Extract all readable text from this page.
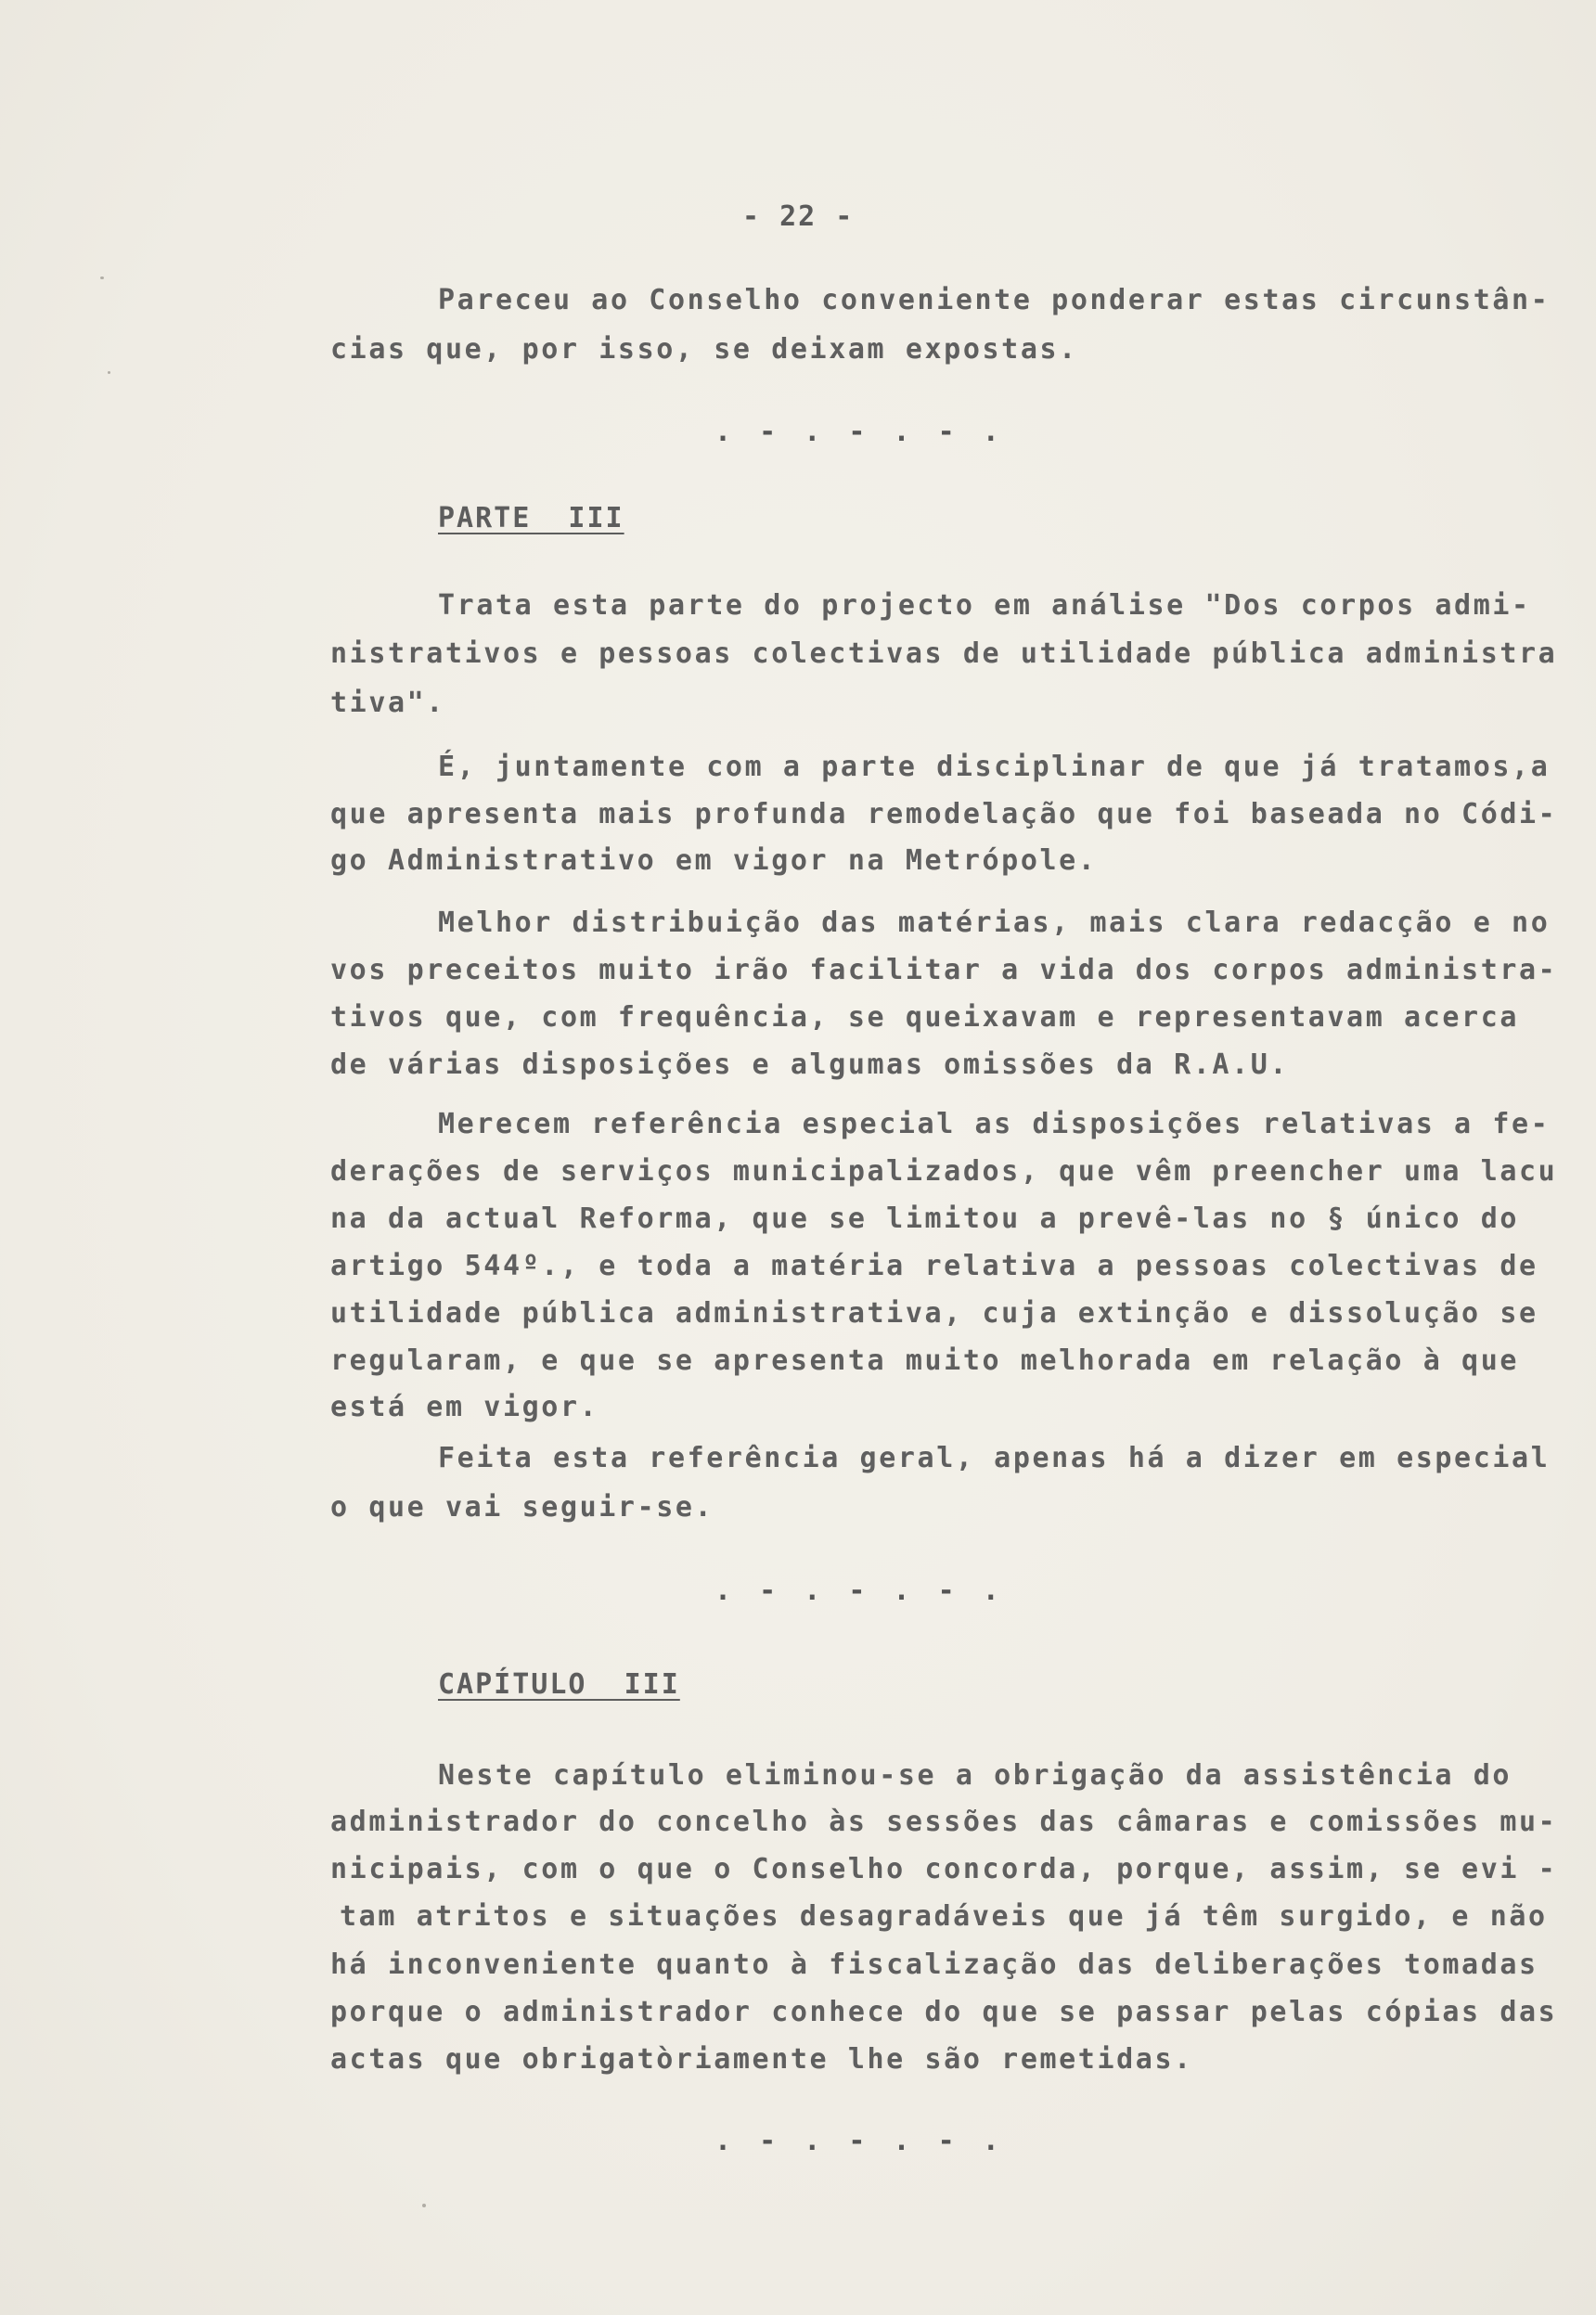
- 22 -
Pareceu ao Conselho conveniente ponderar estas circunstân-
cias que, por isso, se deixam expostas.
. - . - . - .
PARTE  III
Trata esta parte do projecto em análise "Dos corpos admi-
nistrativos e pessoas colectivas de utilidade pública administra
tiva".
É, juntamente com a parte disciplinar de que já tratamos,a
que apresenta mais profunda remodelação que foi baseada no Códi-
go Administrativo em vigor na Metrópole.
Melhor distribuição das matérias, mais clara redacção e no
vos preceitos muito irão facilitar a vida dos corpos administra-
tivos que, com frequência, se queixavam e representavam acerca
de várias disposições e algumas omissões da R.A.U.
Merecem referência especial as disposições relativas a fe-
derações de serviços municipalizados, que vêm preencher uma lacu
na da actual Reforma, que se limitou a prevê-las no § único do
artigo 544º., e toda a matéria relativa a pessoas colectivas de
utilidade pública administrativa, cuja extinção e dissolução se
regularam, e que se apresenta muito melhorada em relação à que
está em vigor.
Feita esta referência geral, apenas há a dizer em especial
o que vai seguir-se.
. - . - . - .
CAPÍTULO  III
Neste capítulo eliminou-se a obrigação da assistência do
administrador do concelho às sessões das câmaras e comissões mu-
nicipais, com o que o Conselho concorda, porque, assim, se evi -
tam atritos e situações desagradáveis que já têm surgido, e não
há inconveniente quanto à fiscalização das deliberações tomadas
porque o administrador conhece do que se passar pelas cópias das
actas que obrigatòriamente lhe são remetidas.
. - . - . - .
